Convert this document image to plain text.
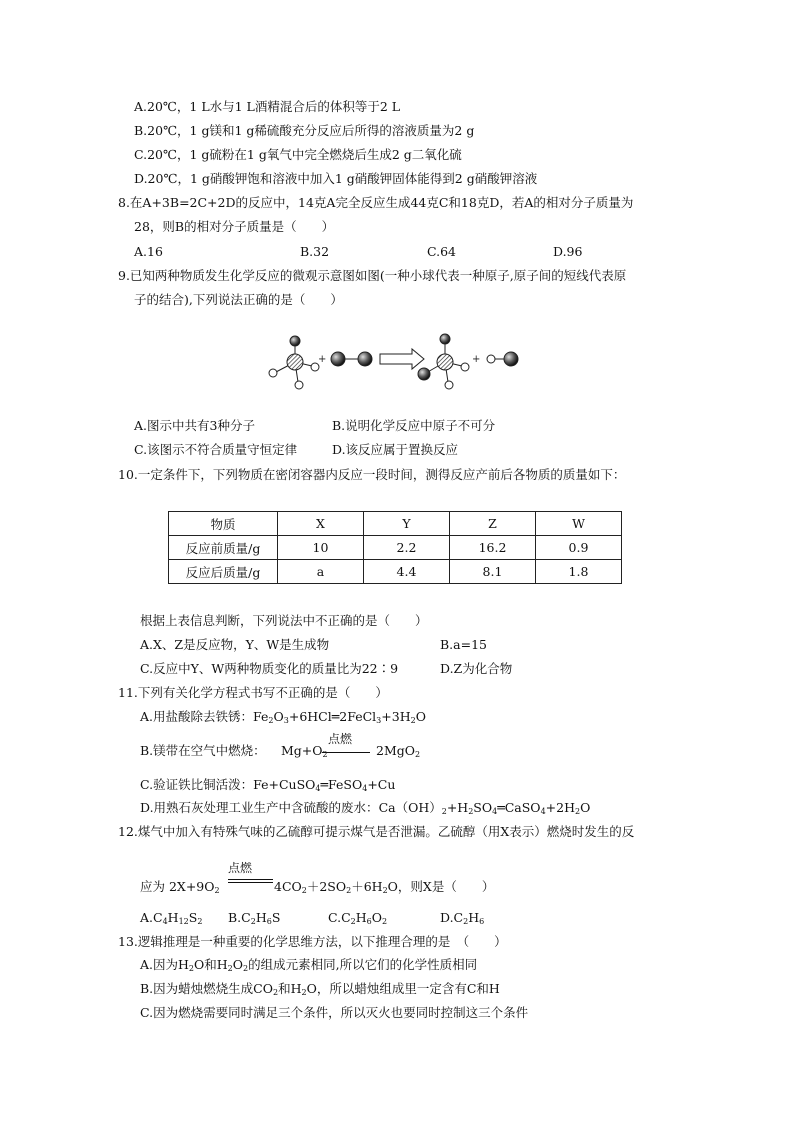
A.20℃，1 L水与1 L酒精混合后的体积等于2 L
B.20℃，1 g镁和1 g稀硫酸充分反应后所得的溶液质量为2 g
C.20℃，1 g硫粉在1 g氧气中完全燃烧后生成2 g二氧化硫
D.20℃，1 g硝酸钾饱和溶液中加入1 g硝酸钾固体能得到2 g硝酸钾溶液
8.在A+3B=2C+2D的反应中，14克A完全反应生成44克C和18克D，若A的相对分子质量为
28，则B的相对分子质量是（　　）
A.16	B.32	C.64	D.96
9.已知两种物质发生化学反应的微观示意图如图(一种小球代表一种原子,原子间的短线代表原
子的结合),下列说法正确的是（　　）
+	+
A.图示中共有3种分子	B.说明化学反应中原子不可分
C.该图示不符合质量守恒定律	D.该反应属于置换反应
10.一定条件下，下列物质在密闭容器内反应一段时间，测得反应产前后各物质的质量如下：
物质	X	Y	Z	W
反应前质量/g	10	2.2	16.2	0.9
反应后质量/g	a	4.4	8.1	1.8
根据上表信息判断，下列说法中不正确的是（　　）
A.X、Z是反应物，Y、W是生成物	B.a=15
C.反应中Y、W两种物质变化的质量比为22∶9	D.Z为化合物
11.下列有关化学方程式书写不正确的是（　　）
A.用盐酸除去铁锈：$Fe_2O_3+6HCl═2FeCl_3+3H_2O$
B.镁带在空气中燃烧： $Mg+O_2$
点燃
2MgO$_2$
C.验证铁比铜活泼：Fe+CuSO$_4$═FeSO$_4$+Cu
D.用熟石灰处理工业生产中含硫酸的废水：$Ca(OH)_2+H_2SO_4═CaSO_4+2H_2O$
12.煤气中加入有特殊气味的乙硫醇可提示煤气是否泄漏。乙硫醇（用X表示）燃烧时发生的反
应为 $2X+9O_2$
点燃
$4CO_2+2SO_2+6H_2O$，则X是（　　）
$A.C_4H_{12}S_2$ $B.C_2H_6S$	$C.C_2H_6O_2$	$D.C_2H_6$
13.逻辑推理是一种重要的化学思维方法，以下推理合理的是　（　　）
A.因为$H_2O$和$H_2O_2$的组成元素相同,所以它们的化学性质相同
B.因为蜡烛燃烧生成$CO_2$和$H_2O$，所以蜡烛组成里一定含有C和H
C.因为燃烧需要同时满足三个条件，所以灭火也要同时控制这三个条件
